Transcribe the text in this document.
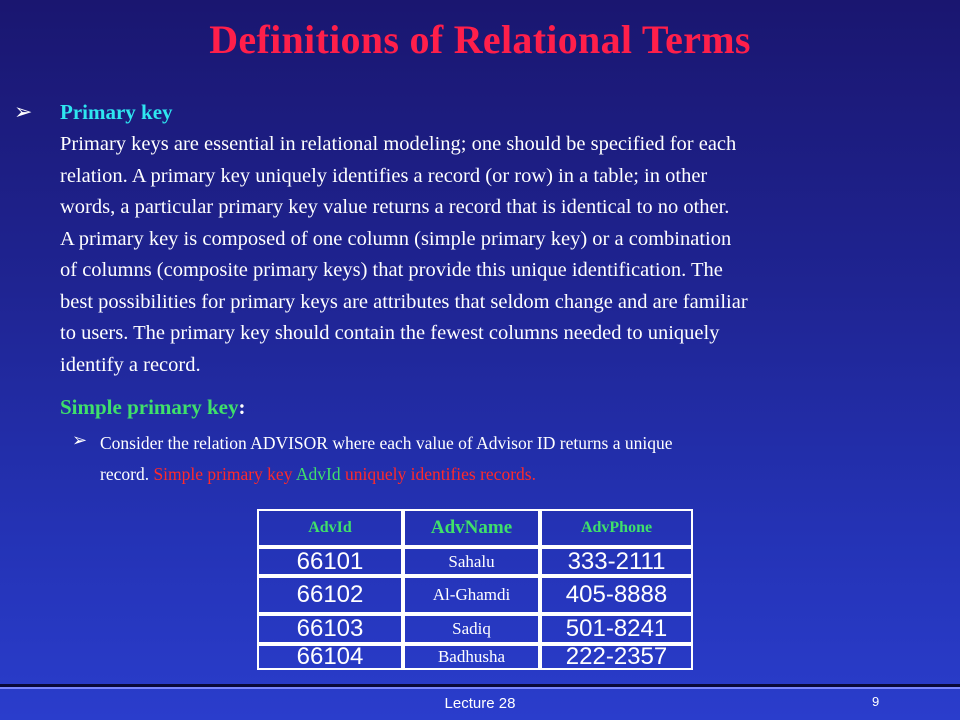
Definitions of Relational Terms
➢ Primary key
Primary keys are essential in relational modeling; one should be specified for each
relation. A primary key uniquely identifies a record (or row) in a table; in other
words, a particular primary key value returns a record that is identical to no other.
A primary key is composed of one column (simple primary key) or a combination
of columns (composite primary keys) that provide this unique identification. The
best possibilities for primary keys are attributes that seldom change and are familiar
to users. The primary key should contain the fewest columns needed to uniquely
identify a record.
Simple primary key:
➢ Consider the relation ADVISOR where each value of Advisor ID returns a unique
record. Simple primary key AdvId uniquely identifies records.
AdvId	AdvName	AdvPhone
66101	Sahalu	333-2111
66102	Al-Ghamdi	405-8888
66103	Sadiq	501-8241
66104	Badhusha	222-2357
Lecture 28	9
